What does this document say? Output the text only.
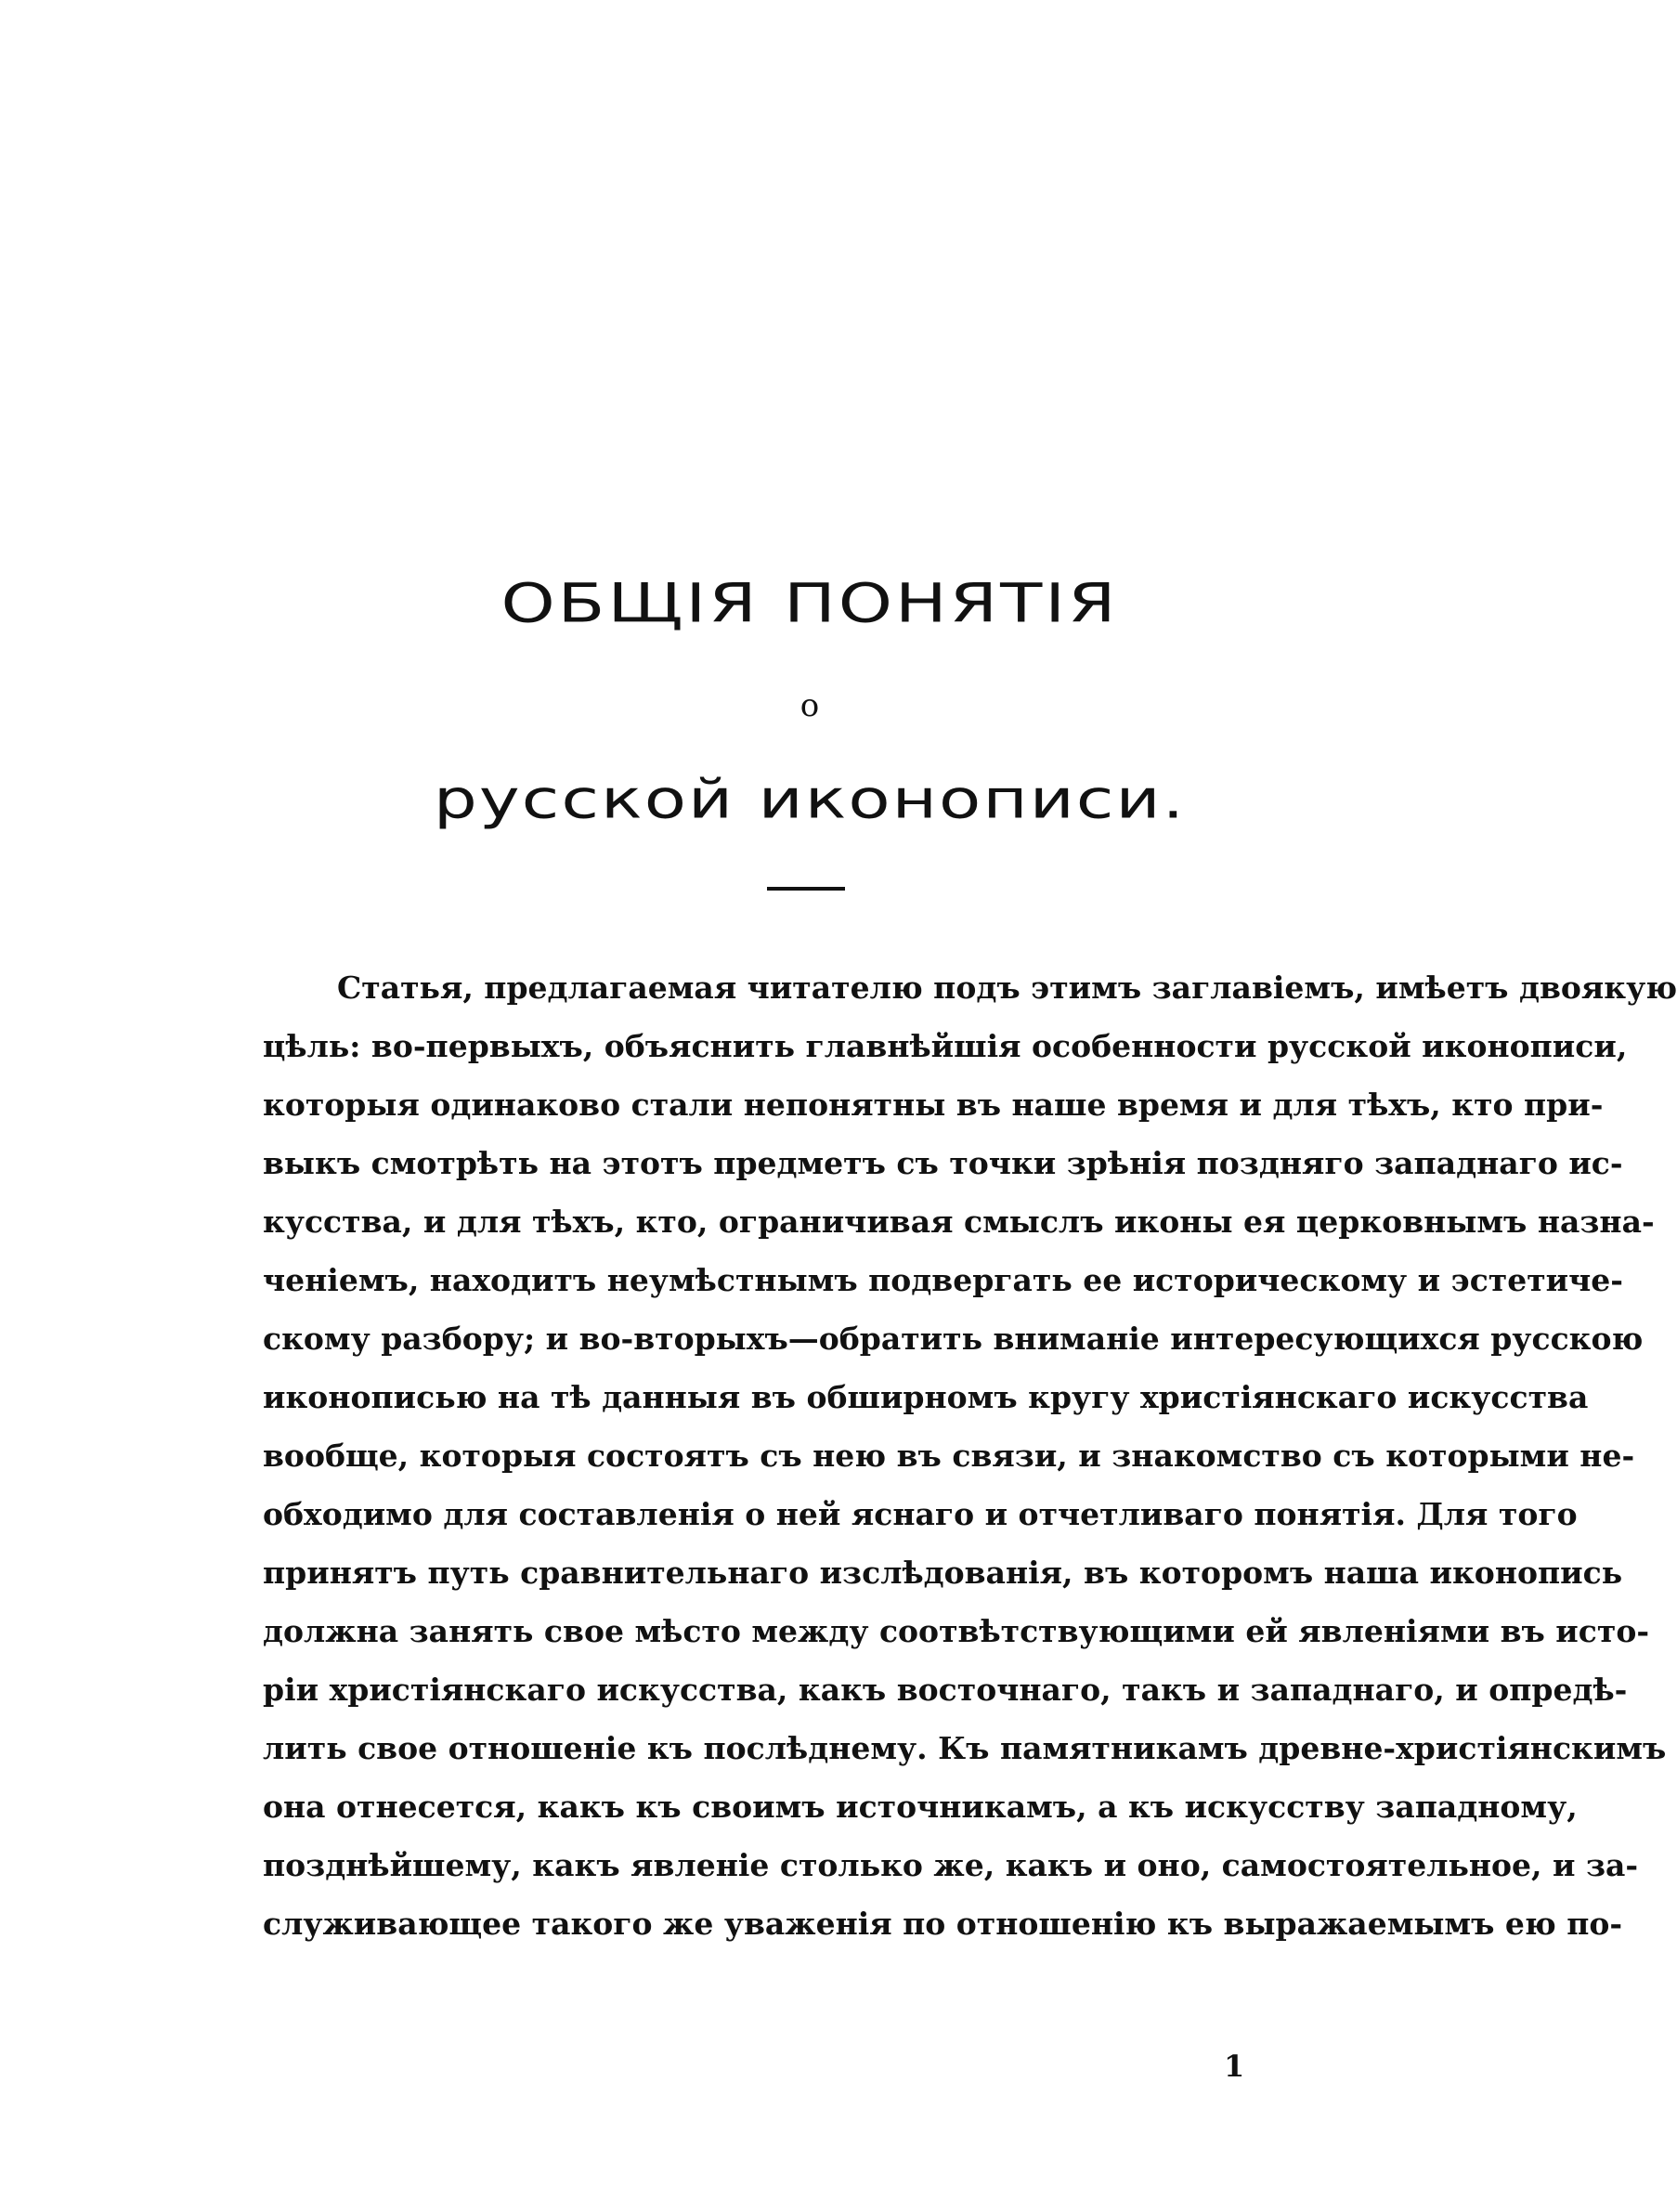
ОБЩІЯ ПОНЯТІЯ
о
русской иконописи.
Статья, предлагаемая читателю подъ этимъ заглавіемъ, имѣетъ двоякую
цѣль: во-первыхъ, объяснить главнѣйшія особенности русской иконописи,
которыя одинаково стали непонятны въ наше время и для тѣхъ, кто при-
выкъ смотрѣть на этотъ предметъ съ точки зрѣнія поздняго западнаго ис-
кусства, и для тѣхъ, кто, ограничивая смыслъ иконы ея церковнымъ назна-
ченіемъ, находитъ неумѣстнымъ подвергать ее историческому и эстетиче-
скому разбору; и во-вторыхъ—обратить вниманіе интересующихся русскою
иконописью на тѣ данныя въ обширномъ кругу христіянскаго искусства
вообще, которыя состоятъ съ нею въ связи, и знакомство съ которыми не-
обходимо для составленія о ней яснаго и отчетливаго понятія. Для того
принятъ путь сравнительнаго изслѣдованія, въ которомъ наша иконопись
должна занять свое мѣсто между соотвѣтствующими ей явленіями въ исто-
ріи христіянскаго искусства, какъ восточнаго, такъ и западнаго, и опредѣ-
лить свое отношеніе къ послѣднему. Къ памятникамъ древне-христіянскимъ
она отнесется, какъ къ своимъ источникамъ, а къ искусству западному,
позднѣйшему, какъ явленіе столько же, какъ и оно, самостоятельное, и за-
служивающее такого же уваженія по отношенію къ выражаемымъ ею по-
1
